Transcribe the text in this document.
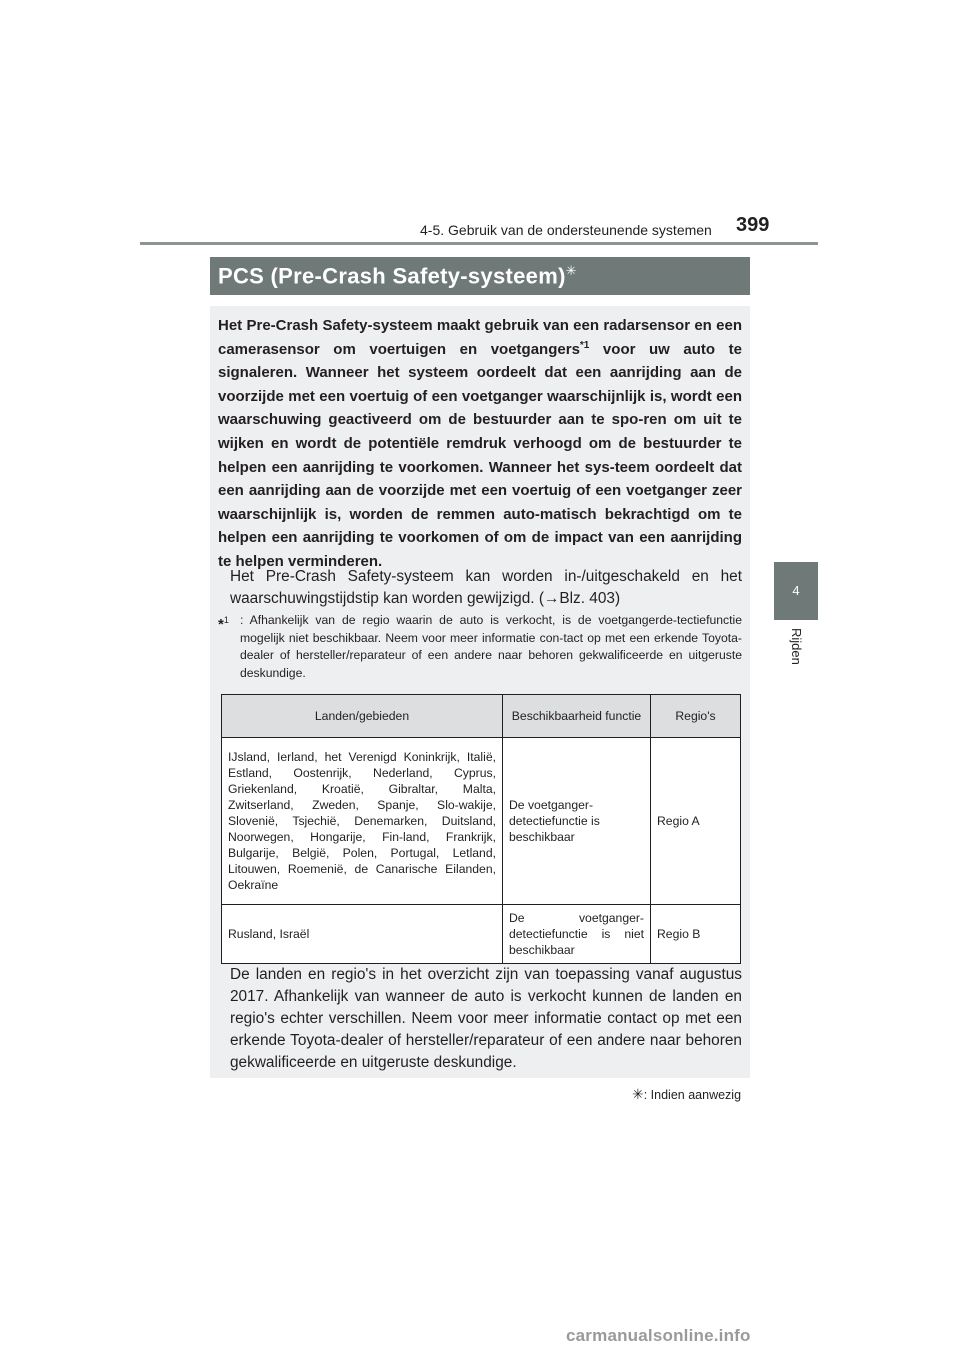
4-5. Gebruik van de ondersteunende systemen 399
4
Rijden
PCS (Pre-Crash Safety-systeem)✳
Het Pre-Crash Safety-systeem maakt gebruik van een radarsensor en een camerasensor om voertuigen en voetgangers$^{*1}$ voor uw auto te signaleren. Wanneer het systeem oordeelt dat een aanrijding aan de voorzijde met een voertuig of een voetganger waarschijnlijk is, wordt een waarschuwing geactiveerd om de bestuurder aan te spo-ren om uit te wijken en wordt de potentiële remdruk verhoogd om de bestuurder te helpen een aanrijding te voorkomen. Wanneer het sys-teem oordeelt dat een aanrijding aan de voorzijde met een voertuig of een voetganger zeer waarschijnlijk is, worden de remmen auto-matisch bekrachtigd om te helpen een aanrijding te voorkomen of om de impact van een aanrijding te helpen verminderen.
Het Pre-Crash Safety-systeem kan worden in-/uitgeschakeld en het waarschuwingstijdstip kan worden gewijzigd. (→Blz. 403)
*$^1$ : Afhankelijk van de regio waarin de auto is verkocht, is de voetgangerde-tectiefunctie mogelijk niet beschikbaar. Neem voor meer informatie con-tact op met een erkende Toyota-dealer of hersteller/reparateur of een andere naar behoren gekwalificeerde en uitgeruste deskundige.
Landen/gebieden	Beschikbaarheid functie	Regio's
IJsland, Ierland, het Verenigd Koninkrijk, Italië, Estland, Oostenrijk, Nederland, Cyprus, Griekenland, Kroatië, Gibraltar, Malta, Zwitserland, Zweden, Spanje, Slo-wakije, Slovenië, Tsjechië, Denemarken, Duitsland, Noorwegen, Hongarije, Fin-land, Frankrijk, Bulgarije, België, Polen, Portugal, Letland, Litouwen, Roemenië, de Canarische Eilanden, Oekraïne	De voetganger-detectiefunctie is beschikbaar	Regio A
Rusland, Israël	De voetganger-detectiefunctie is niet beschikbaar	Regio B
De landen en regio's in het overzicht zijn van toepassing vanaf augustus 2017. Afhankelijk van wanneer de auto is verkocht kunnen de landen en regio's echter verschillen. Neem voor meer informatie contact op met een erkende Toyota-dealer of hersteller/reparateur of een andere naar behoren gekwalificeerde en uitgeruste deskundige.
✳: Indien aanwezig
carmanualsonline.info
